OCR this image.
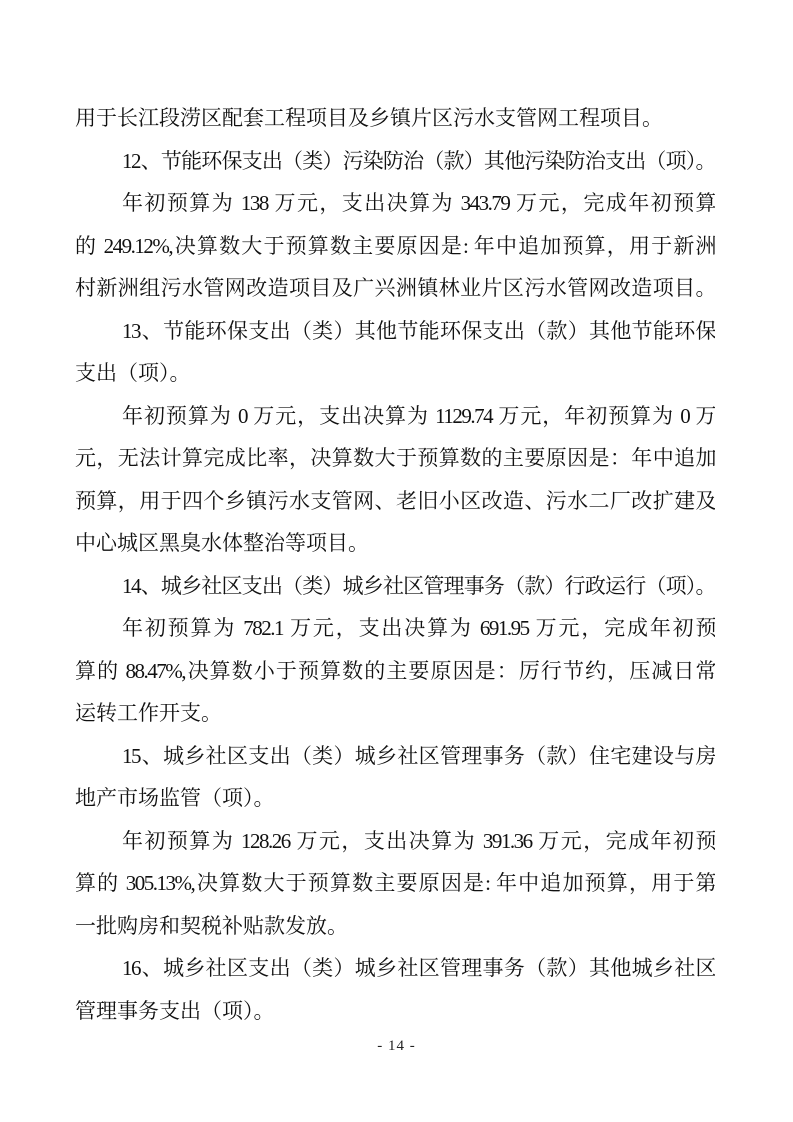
用于长江段涝区配套工程项目及乡镇片区污水支管网工程项目。
12、节能环保支出（类）污染防治（款）其他污染防治支出（项）。
年初预算为 138 万元，支出决算为 343.79 万元，完成年初预算
的 249.12%,决算数大于预算数主要原因是: 年中追加预算，用于新洲
村新洲组污水管网改造项目及广兴洲镇林业片区污水管网改造项目。
13、节能环保支出（类）其他节能环保支出（款）其他节能环保
支出（项）。
年初预算为 0 万元，支出决算为 1129.74 万元，年初预算为 0 万
元，无法计算完成比率，决算数大于预算数的主要原因是：年中追加
预算，用于四个乡镇污水支管网、老旧小区改造、污水二厂改扩建及
中心城区黑臭水体整治等项目。
14、城乡社区支出（类）城乡社区管理事务（款）行政运行（项）。
年初预算为 782.1 万元，支出决算为 691.95 万元，完成年初预
算的 88.47%,决算数小于预算数的主要原因是：厉行节约，压减日常
运转工作开支。
15、城乡社区支出（类）城乡社区管理事务（款）住宅建设与房
地产市场监管（项）。
年初预算为 128.26 万元，支出决算为 391.36 万元，完成年初预
算的 305.13%,决算数大于预算数主要原因是: 年中追加预算，用于第
一批购房和契税补贴款发放。
16、城乡社区支出（类）城乡社区管理事务（款）其他城乡社区
管理事务支出（项）。
- 14 -
